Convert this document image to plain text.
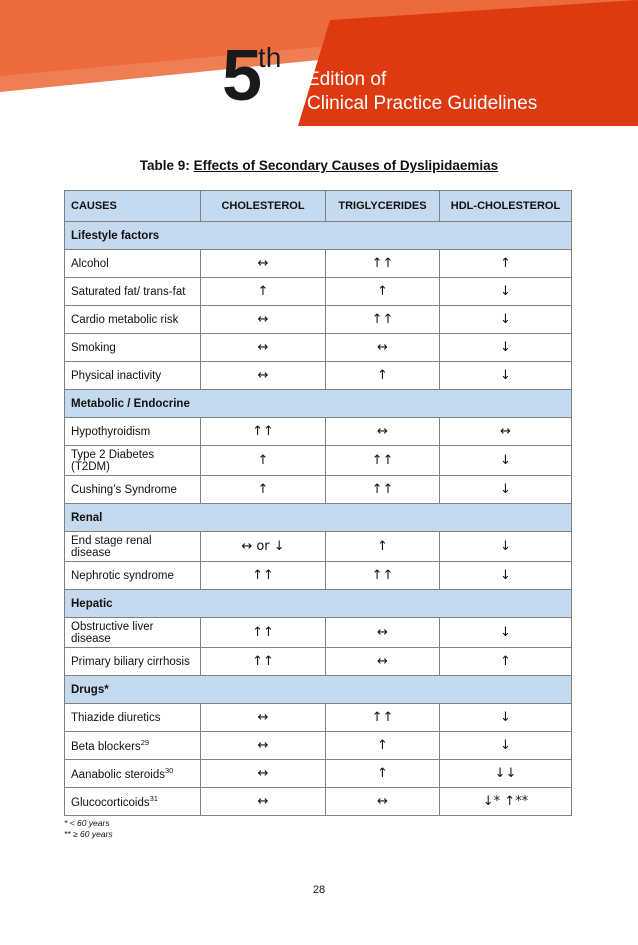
5
th
Edition of
Clinical Practice Guidelines
Table 9: Effects of Secondary Causes of Dyslipidaemias
CAUSES	CHOLESTEROL	TRIGLYCERIDES	HDL-CHOLESTEROL
Lifestyle factors			
Alcohol	↔	↑↑	↑
Saturated fat/ trans-fat	↑	↑	↓
Cardio metabolic risk	↔	↑↑	↓
Smoking	↔	↔	↓
Physical inactivity	↔	↑	↓
Metabolic / Endocrine			
Hypothyroidism	↑↑	↔	↔
Type 2 Diabetes (T2DM)	↑	↑↑	↓
Cushing’s Syndrome	↑	↑↑	↓
Renal			
End stage renal disease	↔ or ↓	↑	↓
Nephrotic syndrome	↑↑	↑↑	↓
Hepatic			
Obstructive liver disease	↑↑	↔	↓
Primary biliary cirrhosis	↑↑	↔	↑
Drugs*			
Thiazide diuretics	↔	↑↑	↓
Beta blockers$^{29}$	↔	↑	↓
Aanabolic steroids$^{30}$	↔	↑	↓↓
Glucocorticoids$^{31}$	↔	↔	↓* ↑**
* < 60 years
** ≥ 60 years
28
